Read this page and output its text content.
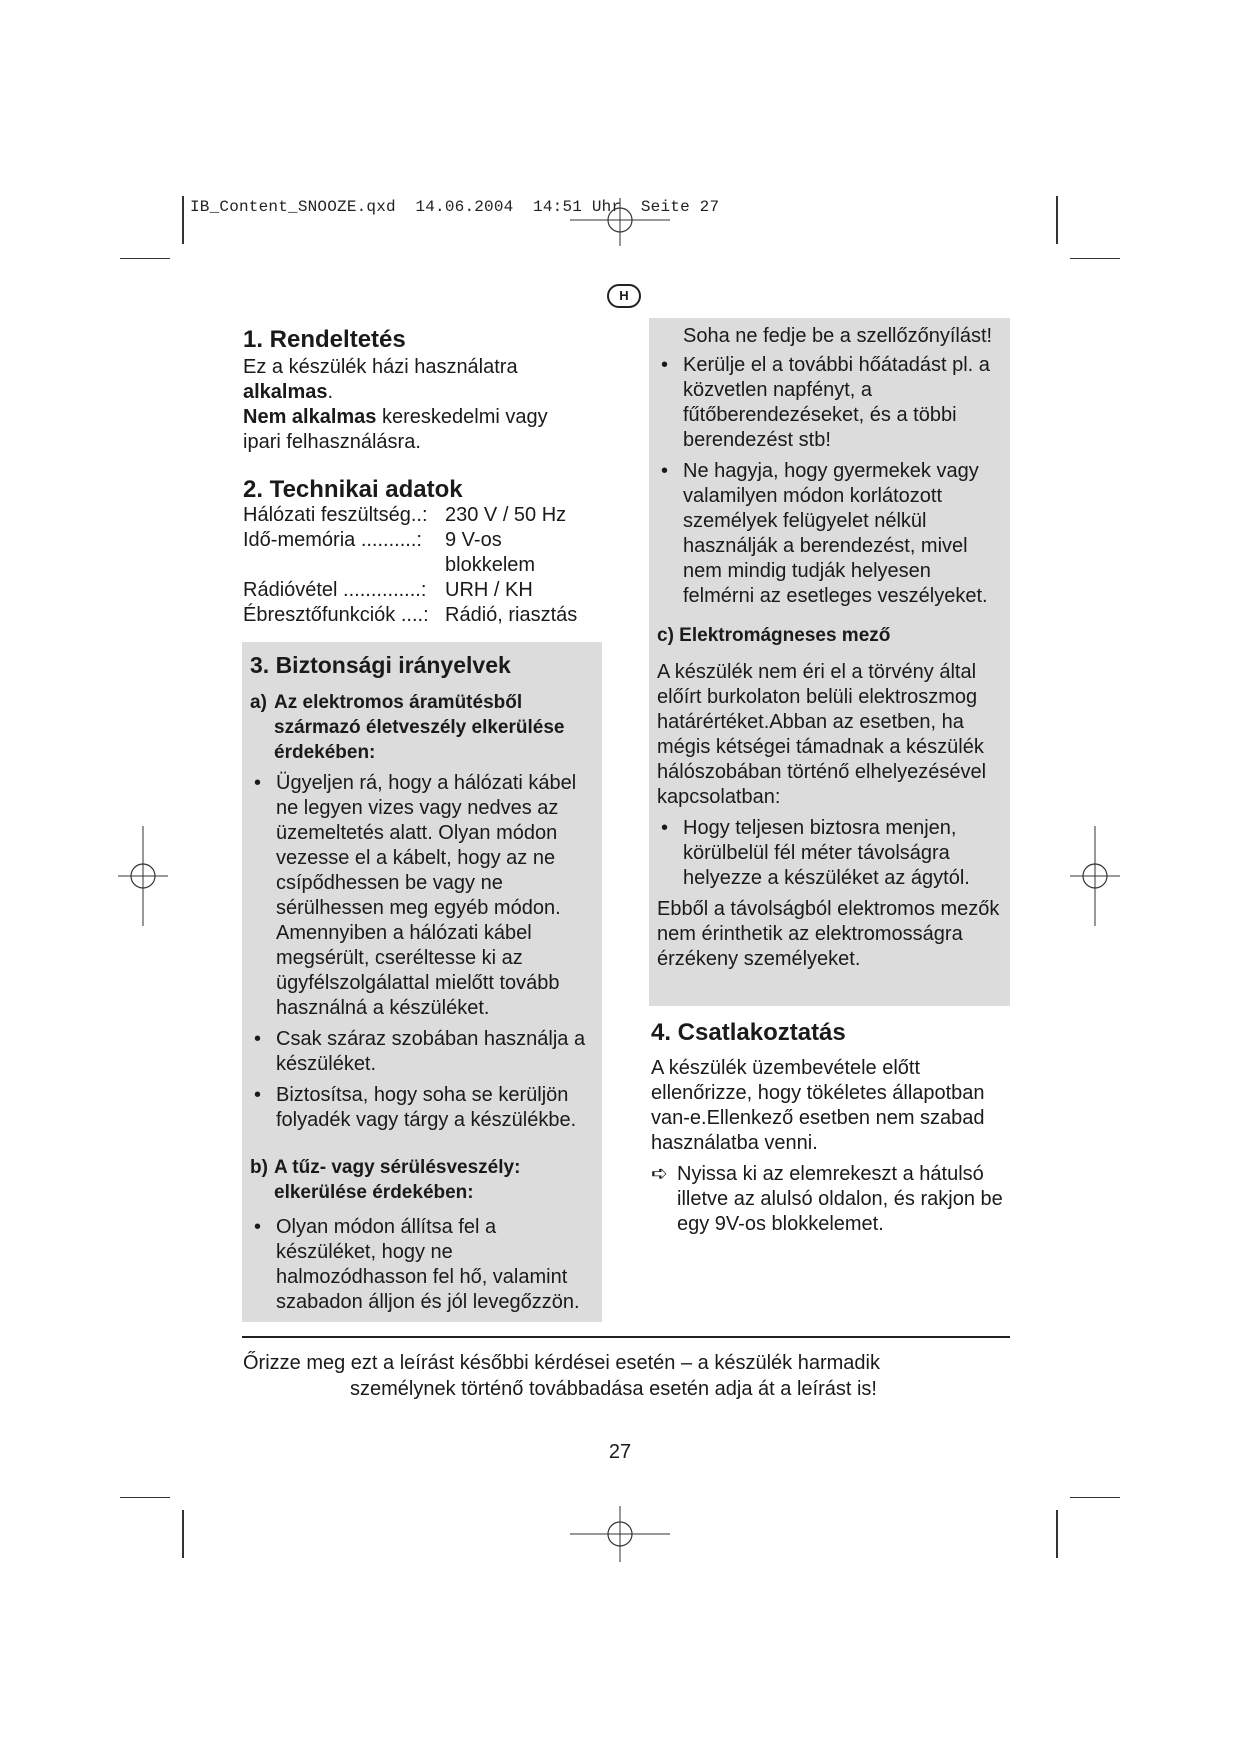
IB_Content_SNOOZE.qxd  14.06.2004  14:51 Uhr  Seite 27
H
1. Rendeltetés

Ez a készülék házi használatra

alkalmas.

Nem alkalmas kereskedelmi vagy

ipari felhasználásra.

2. Technikai adatok
Hálózati feszültség..: 230 V / 50 Hz
Idő-memória ..........:	9 V-os blokkelem
Rádióvétel ..............: URH / KH
Ébresztőfunkciók ....: Rádió, riasztás
3. Biztonsági irányelvek
a) Az elektromos áramütésből származó életveszély elkerülése érdekében:

• Ügyeljen rá, hogy a hálózati kábel ne legyen vizes vagy nedves az üzemeltetés alatt. Olyan módon vezesse el a kábelt, hogy az ne csípődhessen be vagy ne sérülhessen meg egyéb módon. Amennyiben a hálózati kábel megsérült, cseréltesse ki az ügyfélszolgálattal mielőtt tovább használná a készüléket.

• Csak száraz szobában használja a készüléket.

• Biztosítsa, hogy soha se kerüljön folyadék vagy tárgy a készülékbe.

b) A tűz- vagy sérülésveszély: elkerülése érdekében:

• Olyan módon állítsa fel a készüléket, hogy ne halmozódhasson fel hő, valamint szabadon álljon és jól levegőzzön.

Soha ne fedje be a szellőzőnyílást!

• Kerülje el a további hőátadást pl. a közvetlen napfényt, a fűtőberendezéseket, és a többi berendezést stb!

• Ne hagyja, hogy gyermekek vagy valamilyen módon korlátozott személyek felügyelet nélkül használják a berendezést, mivel nem mindig tudják helyesen felmérni az esetleges veszélyeket.

c) Elektromágneses mező

A készülék nem éri el a törvény által előírt burkolaton belüli elektroszmog határértéket.Abban az esetben, ha mégis kétségei támadnak a készülék hálószobában történő elhelyezésével kapcsolatban:

• Hogy teljesen biztosra menjen, körülbelül fél méter távolságra helyezze a készüléket az ágytól.

Ebből a távolságból elektromos mezők nem érinthetik az elektromosságra érzékeny személyeket.

4. Csatlakoztatás

A készülék üzembevétele előtt ellenőrizze, hogy tökéletes állapotban van-e.Ellenkező esetben nem szabad használatba venni.

➪ Nyissa ki az elemrekeszt a hátulsó illetve az alulsó oldalon, és rakjon be egy 9V-os blokkelemet.

Őrizze meg ezt a leírást későbbi kérdései esetén – a készülék harmadik
személynek történő továbbadása esetén adja át a leírást is!
27
